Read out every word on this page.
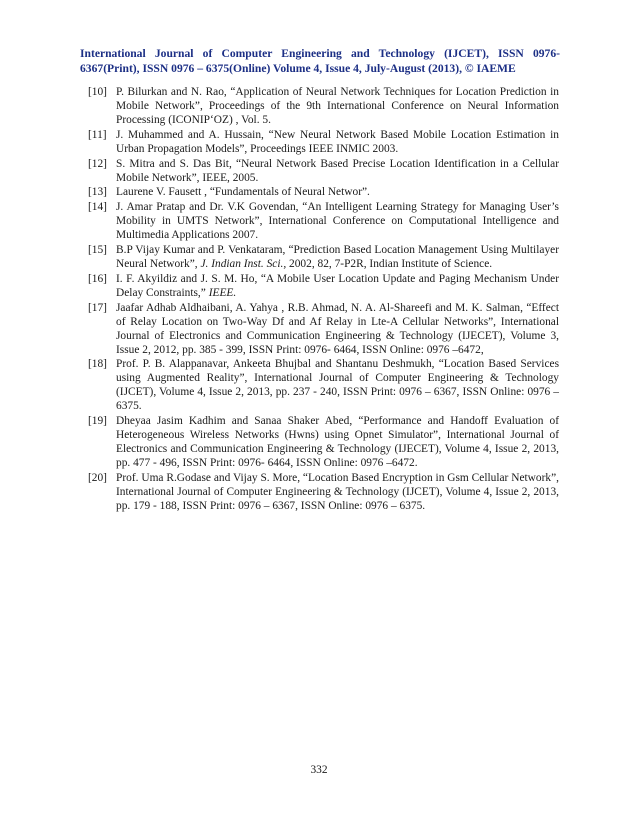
International Journal of Computer Engineering and Technology (IJCET), ISSN 0976-6367(Print), ISSN 0976 – 6375(Online) Volume 4, Issue 4, July-August (2013), © IAEME
[10] P. Bilurkan and N. Rao, “Application of Neural Network Techniques for Location Prediction in Mobile Network”, Proceedings of the 9th International Conference on Neural Information Processing (ICONIP‘OZ) , Vol. 5.
[11] J. Muhammed and A. Hussain, “New Neural Network Based Mobile Location Estimation in Urban Propagation Models”, Proceedings IEEE INMIC 2003.
[12] S. Mitra and S. Das Bit, “Neural Network Based Precise Location Identification in a Cellular Mobile Network”, IEEE, 2005.
[13] Laurene V. Fausett , “Fundamentals of Neural Networ”.
[14] J. Amar Pratap and Dr. V.K Govendan, “An Intelligent Learning Strategy for Managing User’s Mobility in UMTS Network”, International Conference on Computational Intelligence and Multimedia Applications 2007.
[15] B.P Vijay Kumar and P. Venkataram, “Prediction Based Location Management Using Multilayer Neural Network”, J. Indian Inst. Sci., 2002, 82, 7-P2R, Indian Institute of Science.
[16] I. F. Akyildiz and J. S. M. Ho, “A Mobile User Location Update and Paging Mechanism Under Delay Constraints,” IEEE.
[17] Jaafar Adhab Aldhaibani, A. Yahya , R.B. Ahmad, N. A. Al-Shareefi and M. K. Salman, “Effect of Relay Location on Two-Way Df and Af Relay in Lte-A Cellular Networks”, International Journal of Electronics and Communication Engineering & Technology (IJECET), Volume 3, Issue 2, 2012, pp. 385 - 399, ISSN Print: 0976- 6464, ISSN Online: 0976 –6472,
[18] Prof. P. B. Alappanavar, Ankeeta Bhujbal and Shantanu Deshmukh, “Location Based Services using Augmented Reality”, International Journal of Computer Engineering & Technology (IJCET), Volume 4, Issue 2, 2013, pp. 237 - 240, ISSN Print: 0976 – 6367, ISSN Online: 0976 – 6375.
[19] Dheyaa Jasim Kadhim and Sanaa Shaker Abed, “Performance and Handoff Evaluation of Heterogeneous Wireless Networks (Hwns) using Opnet Simulator”, International Journal of Electronics and Communication Engineering & Technology (IJECET), Volume 4, Issue 2, 2013, pp. 477 - 496, ISSN Print: 0976- 6464, ISSN Online: 0976 –6472.
[20] Prof. Uma R.Godase and Vijay S. More, “Location Based Encryption in Gsm Cellular Network”, International Journal of Computer Engineering & Technology (IJCET), Volume 4, Issue 2, 2013, pp. 179 - 188, ISSN Print: 0976 – 6367, ISSN Online: 0976 – 6375.
332
